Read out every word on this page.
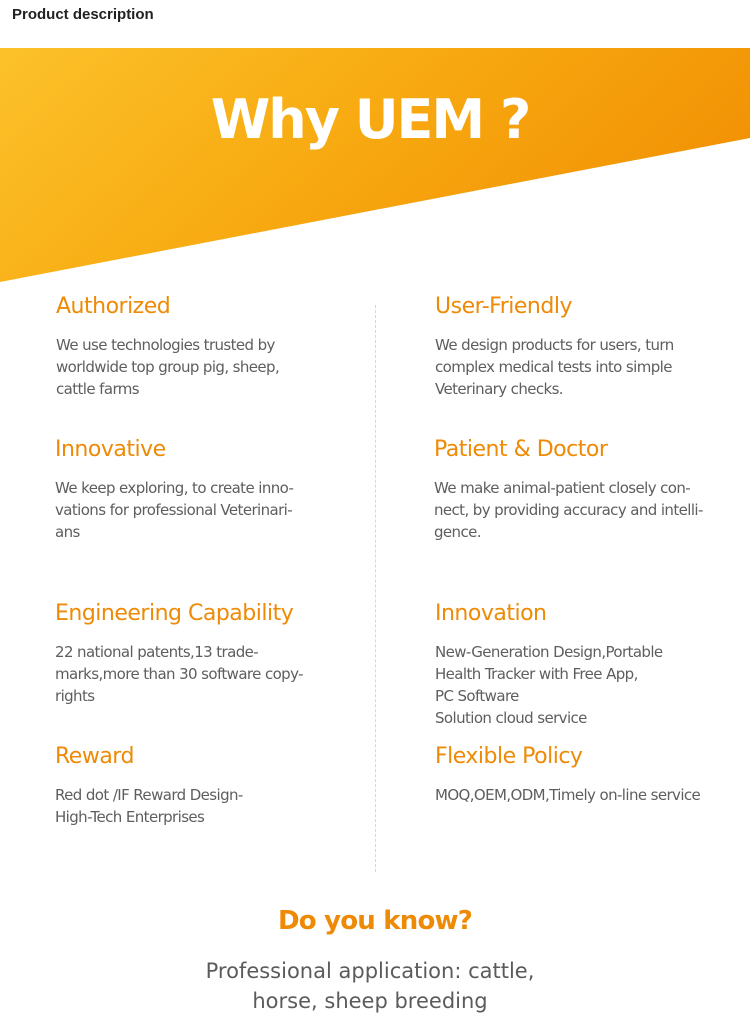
Product description
Why UEM ?
Authorized
We use technologies trusted by
worldwide top group pig, sheep,
cattle farms
Innovative
We keep exploring, to create inno-
vations for professional Veterinari-
ans
Engineering Capability
22 national patents,13 trade-
marks,more than 30 software copy-
rights
Reward
Red dot /IF Reward Design-
High-Tech Enterprises
User-Friendly
We design products for users, turn
complex medical tests into simple
Veterinary checks.
Patient & Doctor
We make animal-patient closely con-
nect, by providing accuracy and intelli-
gence.
Innovation
New-Generation Design,Portable
Health Tracker with Free App,
PC Software
Solution cloud service
Flexible Policy
MOQ,OEM,ODM,Timely on-line service
Do you know?
Professional application: cattle,
horse, sheep breeding
